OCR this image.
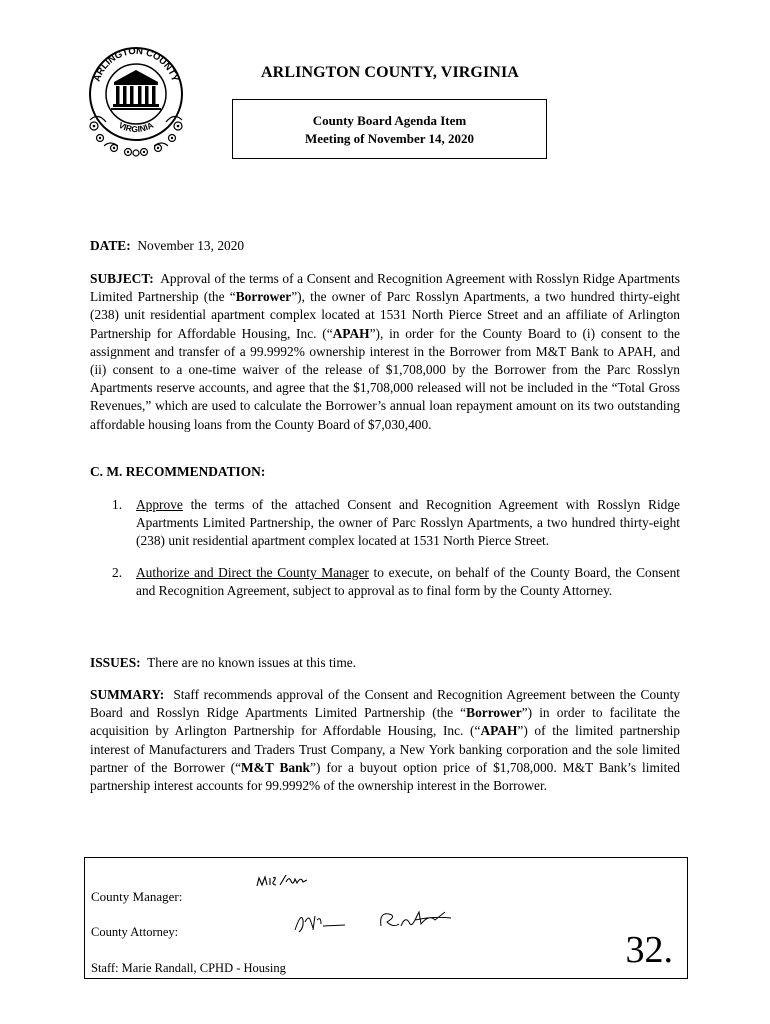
ARLINGTON COUNTY
VIRGINIA
ARLINGTON COUNTY, VIRGINIA
County Board Agenda Item
Meeting of November 14, 2020
DATE: November 13, 2020
SUBJECT: Approval of the terms of a Consent and Recognition Agreement with Rosslyn Ridge Apartments Limited Partnership (the “Borrower”), the owner of Parc Rosslyn Apartments, a two hundred thirty-eight (238) unit residential apartment complex located at 1531 North Pierce Street and an affiliate of Arlington Partnership for Affordable Housing, Inc. (“APAH”), in order for the County Board to (i) consent to the assignment and transfer of a 99.9992% ownership interest in the Borrower from M&T Bank to APAH, and (ii) consent to a one-time waiver of the release of $1,708,000 by the Borrower from the Parc Rosslyn Apartments reserve accounts, and agree that the $1,708,000 released will not be included in the “Total Gross Revenues,” which are used to calculate the Borrower’s annual loan repayment amount on its two outstanding affordable housing loans from the County Board of $7,030,400.
C. M. RECOMMENDATION:
1. Approve the terms of the attached Consent and Recognition Agreement with Rosslyn Ridge Apartments Limited Partnership, the owner of Parc Rosslyn Apartments, a two hundred thirty-eight (238) unit residential apartment complex located at 1531 North Pierce Street.
2. Authorize and Direct the County Manager to execute, on behalf of the County Board, the Consent and Recognition Agreement, subject to approval as to final form by the County Attorney.
ISSUES: There are no known issues at this time.
SUMMARY: Staff recommends approval of the Consent and Recognition Agreement between the County Board and Rosslyn Ridge Apartments Limited Partnership (the “Borrower”) in order to facilitate the acquisition by Arlington Partnership for Affordable Housing, Inc. (“APAH”) of the limited partnership interest of Manufacturers and Traders Trust Company, a New York banking corporation and the sole limited partner of the Borrower (“M&T Bank”) for a buyout option price of $1,708,000. M&T Bank’s limited partnership interest accounts for 99.9992% of the ownership interest in the Borrower.
County Manager:
County Attorney:
Staff: Marie Randall, CPHD - Housing	32.
